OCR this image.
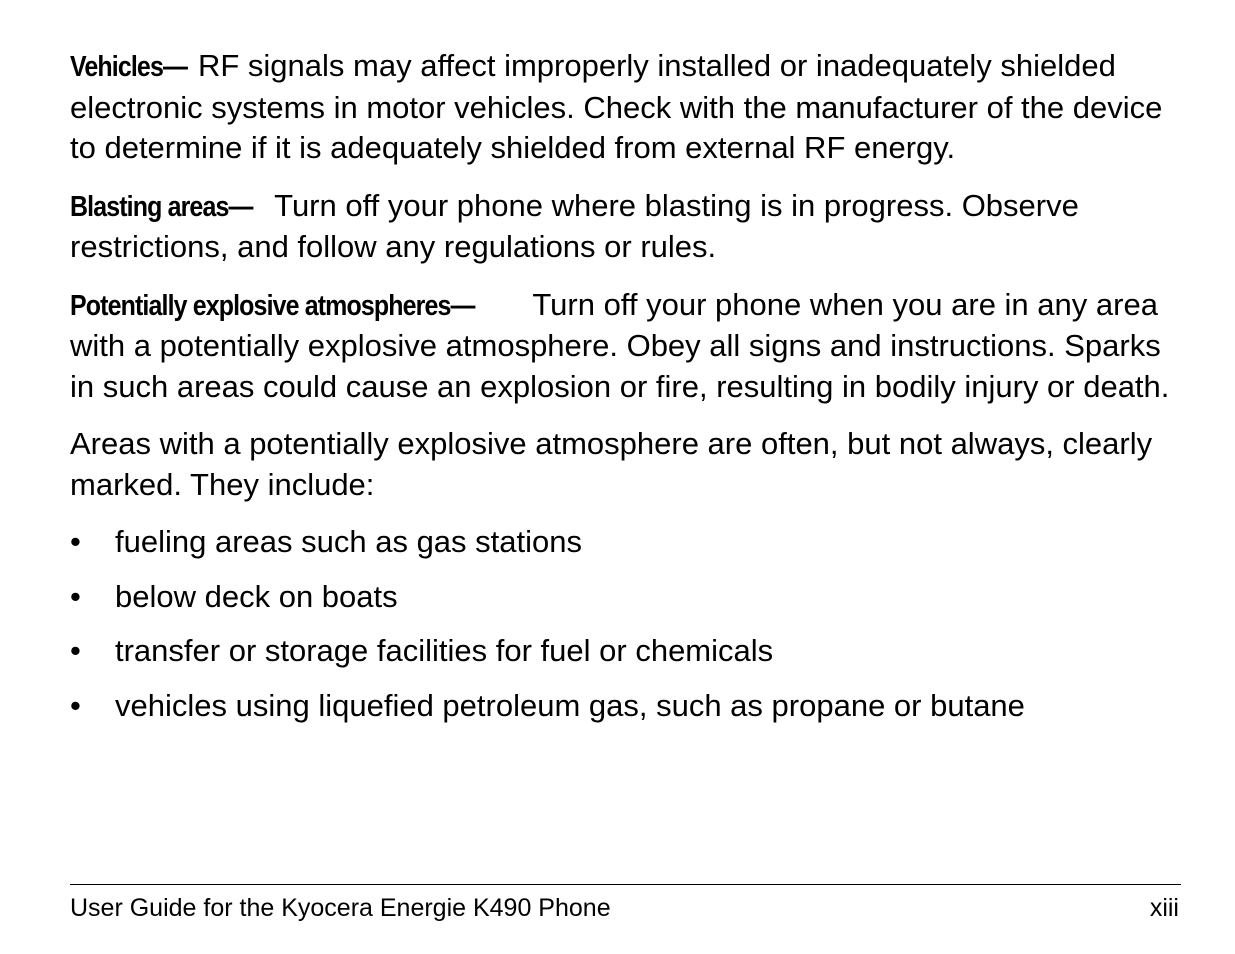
Vehicles— RF signals may affect improperly installed or inadequately shielded electronic systems in motor vehicles. Check with the manufacturer of the device to determine if it is adequately shielded from external RF energy.

Blasting areas— Turn off your phone where blasting is in progress. Observe restrictions, and follow any regulations or rules.

Potentially explosive atmospheres— Turn off your phone when you are in any area with a potentially explosive atmosphere. Obey all signs and instructions. Sparks in such areas could cause an explosion or fire, resulting in bodily injury or death.

Areas with a potentially explosive atmosphere are often, but not always, clearly marked. They include:

• fueling areas such as gas stations
• below deck on boats
• transfer or storage facilities for fuel or chemicals
• vehicles using liquefied petroleum gas, such as propane or butane
User Guide for the Kyocera Energie K490 Phone	xiii
